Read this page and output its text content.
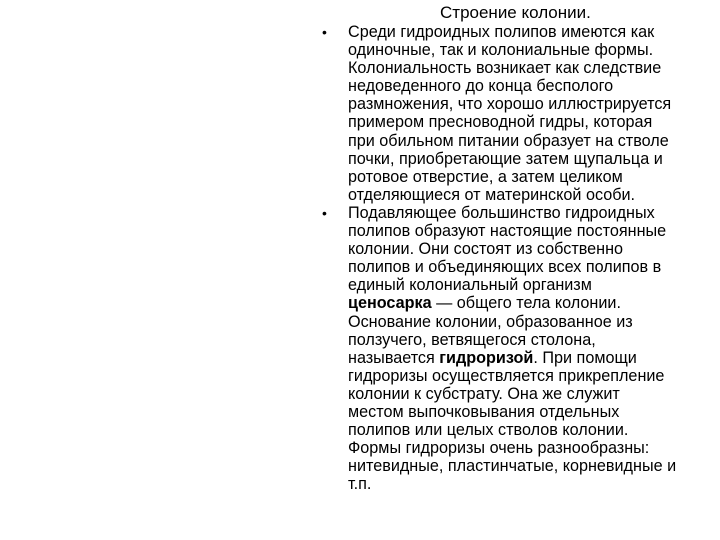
Строение колонии.
• Среди гидроидных полипов имеются как
одиночные, так и колониальные формы.
Колониальность возникает как следствие
недоведенного до конца бесполого
размножения, что хорошо иллюстрируется
примером пресноводной гидры, которая
при обильном питании образует на стволе
почки, приобретающие затем щупальца и
ротовое отверстие, а затем целиком
отделяющиеся от материнской особи.
• Подавляющее большинство гидроидных
полипов образуют настоящие постоянные
колонии. Они состоят из собственно
полипов и объединяющих всех полипов в
единый колониальный организм
ценосарка — общего тела колонии.
Основание колонии, образованное из
ползучего, ветвящегося столона,
называется гидроризой. При помощи
гидроризы осуществляется прикрепление
колонии к субстрату. Она же служит
местом выпочковывания отдельных
полипов или целых стволов колонии.
Формы гидроризы очень разнообразны:
нитевидные, пластинчатые, корневидные и
т.п.
